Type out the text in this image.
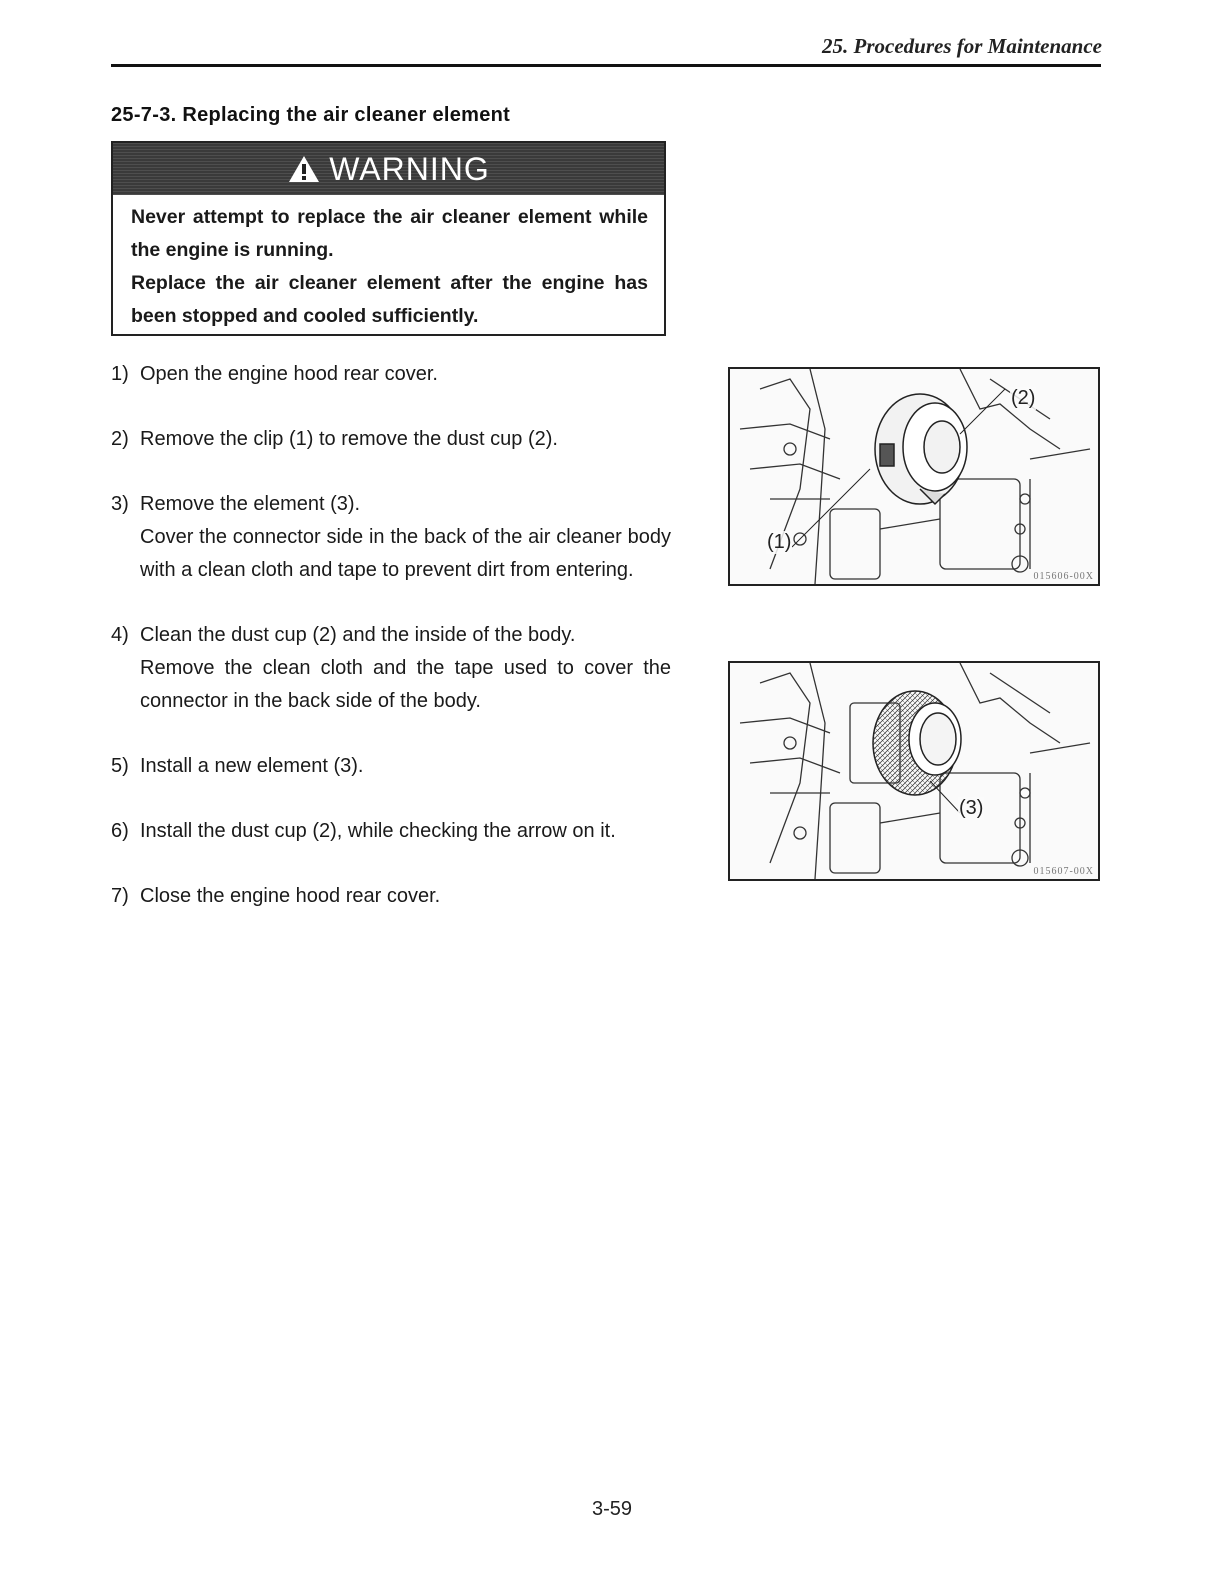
25. Procedures for Maintenance
25-7-3. Replacing the air cleaner element
WARNING

Never attempt to replace the air cleaner element while the engine is running.

Replace the air cleaner element after the engine has been stopped and cooled sufficiently.

1) Open the engine hood rear cover.
2) Remove the clip (1) to remove the dust cup (2).
3) Remove the element (3).
Cover the connector side in the back of the air cleaner body with a clean cloth and tape to prevent dirt from entering.
4) Clean the dust cup (2) and the inside of the body.
Remove the clean cloth and the tape used to cover the connector in the back side of the body.
5) Install a new element (3).
6) Install the dust cup (2), while checking the arrow on it.
7) Close the engine hood rear cover.
(2)
(1)
015606-00X
(3)
015607-00X
3-59
